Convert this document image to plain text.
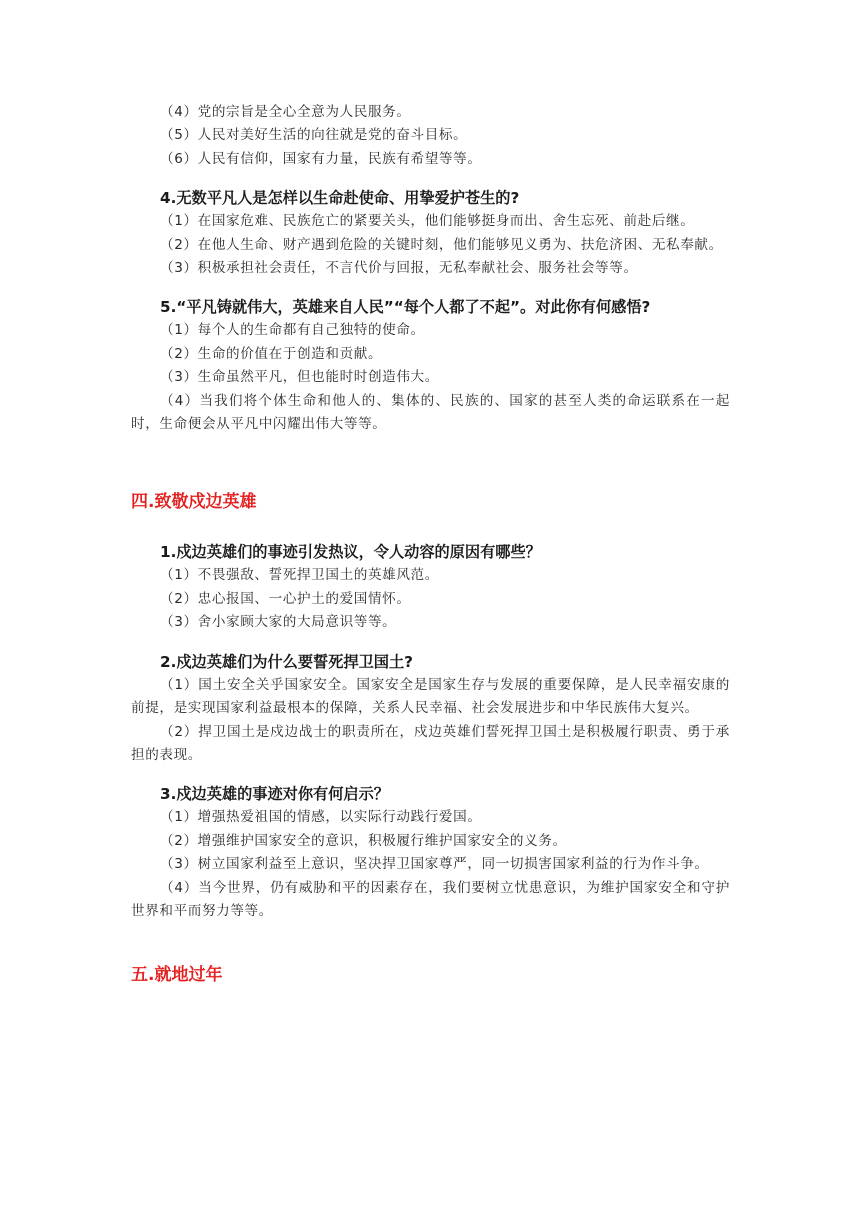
（4）党的宗旨是全心全意为人民服务。

（5）人民对美好生活的向往就是党的奋斗目标。

（6）人民有信仰，国家有力量，民族有希望等等。

4.无数平凡人是怎样以生命赴使命、用挚爱护苍生的?

（1）在国家危难、民族危亡的紧要关头，他们能够挺身而出、舍生忘死、前赴后继。

（2）在他人生命、财产遇到危险的关键时刻，他们能够见义勇为、扶危济困、无私奉献。

（3）积极承担社会责任，不言代价与回报，无私奉献社会、服务社会等等。

5.“平凡铸就伟大，英雄来自人民”“每个人都了不起”。对此你有何感悟?

（1）每个人的生命都有自己独特的使命。

（2）生命的价值在于创造和贡献。

（3）生命虽然平凡，但也能时时创造伟大。

（4）当我们将个体生命和他人的、集体的、民族的、国家的甚至人类的命运联系在一起时，生命便会从平凡中闪耀出伟大等等。

四.致敬戍边英雄

1.戍边英雄们的事迹引发热议，令人动容的原因有哪些？

（1）不畏强敌、誓死捍卫国土的英雄风范。

（2）忠心报国、一心护土的爱国情怀。

（3）舍小家顾大家的大局意识等等。

2.戍边英雄们为什么要誓死捍卫国土?

（1）国土安全关乎国家安全。国家安全是国家生存与发展的重要保障，是人民幸福安康的前提，是实现国家利益最根本的保障，关系人民幸福、社会发展进步和中华民族伟大复兴。

（2）捍卫国土是戍边战士的职责所在，戍边英雄们誓死捍卫国土是积极履行职责、勇于承担的表现。

3.戍边英雄的事迹对你有何启示？

（1）增强热爱祖国的情感，以实际行动践行爱国。

（2）增强维护国家安全的意识，积极履行维护国家安全的义务。

（3）树立国家利益至上意识，坚决捍卫国家尊严，同一切损害国家利益的行为作斗争。

（4）当今世界，仍有威胁和平的因素存在，我们要树立忧患意识，为维护国家安全和守护世界和平而努力等等。

五.就地过年
